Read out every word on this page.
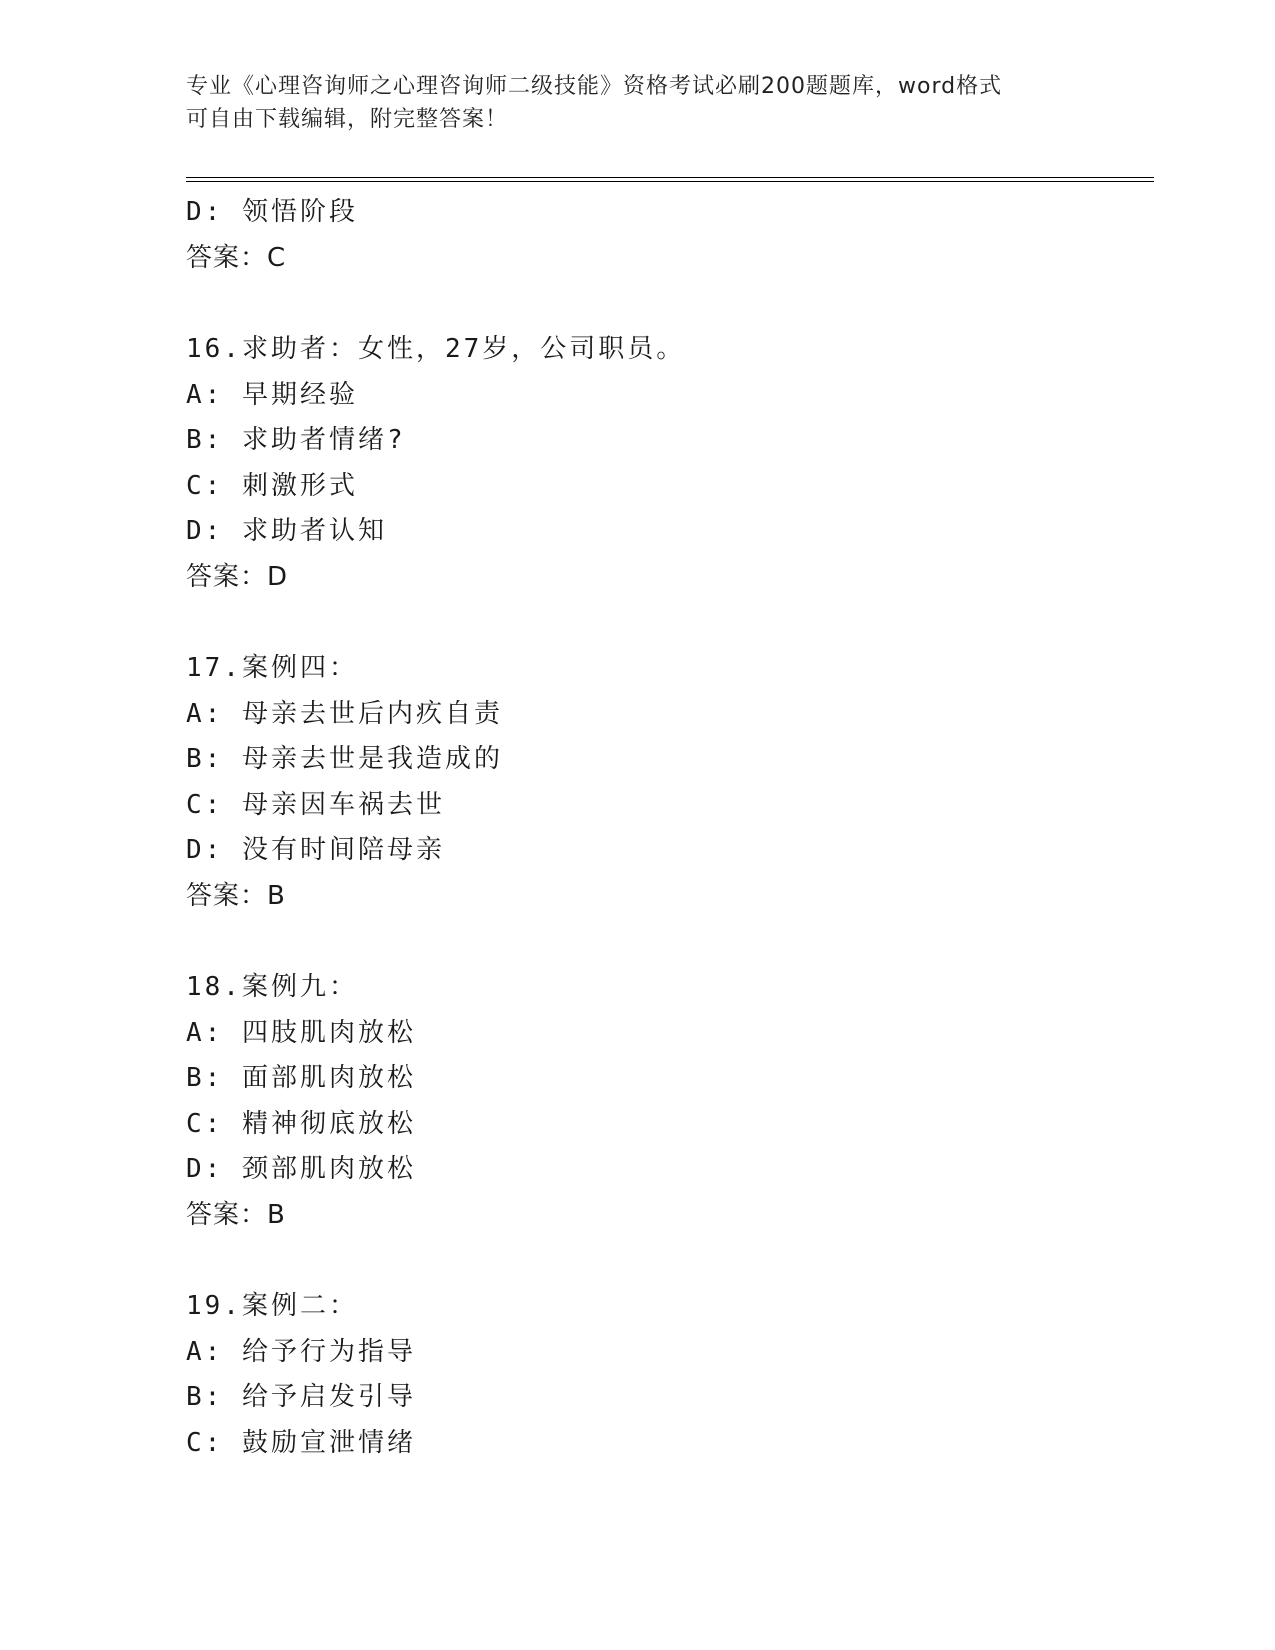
专业《心理咨询师之心理咨询师二级技能》资格考试必刷200题题库，word格式
可自由下载编辑，附完整答案！
D: 领悟阶段
答案：C
16.求助者：女性，27岁，公司职员。
A: 早期经验
B: 求助者情绪?
C: 刺激形式
D: 求助者认知
答案：D
17.案例四：
A: 母亲去世后内疚自责
B: 母亲去世是我造成的
C: 母亲因车祸去世
D: 没有时间陪母亲
答案：B
18.案例九：
A: 四肢肌肉放松
B: 面部肌肉放松
C: 精神彻底放松
D: 颈部肌肉放松
答案：B
19.案例二：
A: 给予行为指导
B: 给予启发引导
C: 鼓励宣泄情绪
